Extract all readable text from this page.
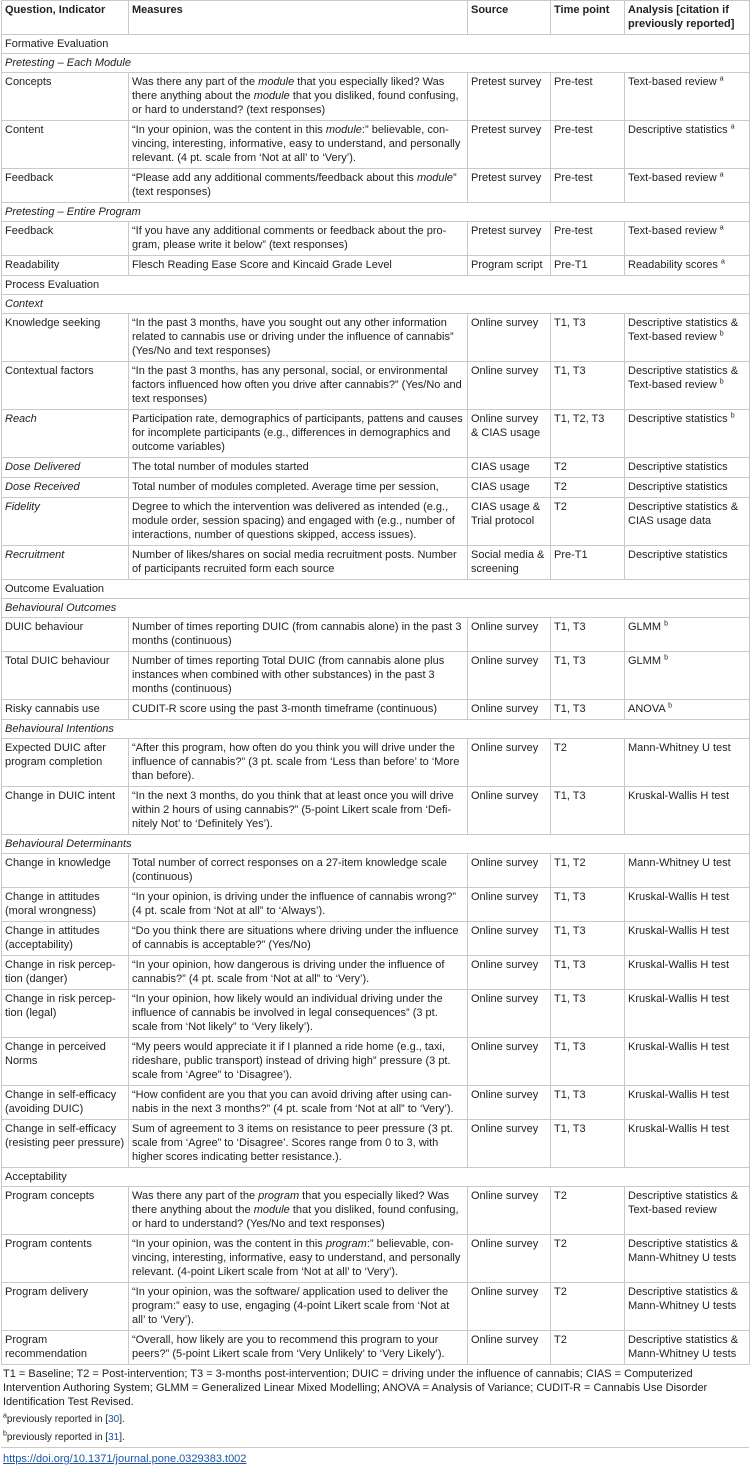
Question, Indicator	Measures	Source	Time point	Analysis [citation if previously reported]
Formative Evaluation				
Pretesting – Each Module				
Concepts	Was there any part of the module that you especially liked? Was there anything about the module that you disliked, found confusing, or hard to understand? (text responses)	Pretest survey	Pre-test	Text-based review $^a$
Content	“In your opinion, was the content in this module:” believable, convincing, interesting, informative, easy to understand, and personally relevant. (4 pt. scale from ‘Not at all’ to ‘Very’).	Pretest survey	Pre-test	Descriptive statistics $^a$
Feedback	“Please add any additional comments/feedback about this module” (text responses)	Pretest survey	Pre-test	Text-based review $^a$
Pretesting – Entire Program				
Feedback	“If you have any additional comments or feedback about the program, please write it below” (text responses)	Pretest survey	Pre-test	Text-based review $^a$
Readability	Flesch Reading Ease Score and Kincaid Grade Level	Program script	Pre-T1	Readability scores $^a$
Process Evaluation				
Context				
Knowledge seeking	“In the past 3 months, have you sought out any other information related to cannabis use or driving under the influence of cannabis” (Yes/No and text responses)	Online survey	T1, T3	Descriptive statistics & Text-based review $^b$
Contextual factors	“In the past 3 months, has any personal, social, or environmental factors influenced how often you drive after cannabis?” (Yes/No and text responses)	Online survey	T1, T3	Descriptive statistics & Text-based review $^b$
Reach	Participation rate, demographics of participants, pattens and causes for incomplete participants (e.g., differences in demographics and outcome variables)	Online survey & CIAS usage	T1, T2, T3	Descriptive statistics $^b$
Dose Delivered	The total number of modules started	CIAS usage	T2	Descriptive statistics
Dose Received	Total number of modules completed. Average time per session,	CIAS usage	T2	Descriptive statistics
Fidelity	Degree to which the intervention was delivered as intended (e.g., module order, session spacing) and engaged with (e.g., number of interactions, number of questions skipped, access issues).	CIAS usage & Trial protocol	T2	Descriptive statistics & CIAS usage data
Recruitment	Number of likes/shares on social media recruitment posts. Number of participants recruited form each source	Social media & screening	Pre-T1	Descriptive statistics
Outcome Evaluation				
Behavioural Outcomes				
DUIC behaviour	Number of times reporting DUIC (from cannabis alone) in the past 3 months (continuous)	Online survey	T1, T3	GLMM $^b$
Total DUIC behaviour	Number of times reporting Total DUIC (from cannabis alone plus instances when combined with other substances) in the past 3 months (continuous)	Online survey	T1, T3	GLMM $^b$
Risky cannabis use	CUDIT-R score using the past 3-month timeframe (continuous)	Online survey	T1, T3	ANOVA $^b$
Behavioural Intentions				
Expected DUIC after program completion	“After this program, how often do you think you will drive under the influence of cannabis?” (3 pt. scale from ‘Less than before’ to ‘More than before).	Online survey	T2	Mann-Whitney U test
Change in DUIC intent	“In the next 3 months, do you think that at least once you will drive within 2 hours of using cannabis?” (5-point Likert scale from ‘Definitely Not’ to ‘Definitely Yes’).	Online survey	T1, T3	Kruskal-Wallis H test
Behavioural Determinants				
Change in knowledge	Total number of correct responses on a 27-item knowledge scale (continuous)	Online survey	T1, T2	Mann-Whitney U test
Change in attitudes (moral wrongness)	“In your opinion, is driving under the influence of cannabis wrong?” (4 pt. scale from ‘Not at all” to ‘Always’).	Online survey	T1, T3	Kruskal-Wallis H test
Change in attitudes (acceptability)	“Do you think there are situations where driving under the influence of cannabis is acceptable?” (Yes/No)	Online survey	T1, T3	Kruskal-Wallis H test
Change in risk perception (danger)	“In your opinion, how dangerous is driving under the influence of cannabis?” (4 pt. scale from ‘Not at all” to ‘Very’).	Online survey	T1, T3	Kruskal-Wallis H test
Change in risk perception (legal)	“In your opinion, how likely would an individual driving under the influence of cannabis be involved in legal consequences” (3 pt. scale from ‘Not likely” to ‘Very likely’).	Online survey	T1, T3	Kruskal-Wallis H test
Change in perceived Norms	“My peers would appreciate it if I planned a ride home (e.g., taxi, rideshare, public transport) instead of driving high” pressure (3 pt. scale from ‘Agree” to ‘Disagree’).	Online survey	T1, T3	Kruskal-Wallis H test
Change in self-efficacy (avoiding DUIC)	“How confident are you that you can avoid driving after using cannabis in the next 3 months?” (4 pt. scale from ‘Not at all” to ‘Very’).	Online survey	T1, T3	Kruskal-Wallis H test
Change in self-efficacy (resisting peer pressure)	Sum of agreement to 3 items on resistance to peer pressure (3 pt. scale from ‘Agree” to ‘Disagree’. Scores range from 0 to 3, with higher scores indicating better resistance.).	Online survey	T1, T3	Kruskal-Wallis H test
Acceptability				
Program concepts	Was there any part of the program that you especially liked? Was there anything about the module that you disliked, found confusing, or hard to understand? (Yes/No and text responses)	Online survey	T2	Descriptive statistics & Text-based review
Program contents	“In your opinion, was the content in this program:” believable, convincing, interesting, informative, easy to understand, and personally relevant. (4-point Likert scale from ‘Not at all’ to ‘Very’).	Online survey	T2	Descriptive statistics & Mann-Whitney U tests
Program delivery	“In your opinion, was the software/ application used to deliver the program:” easy to use, engaging (4-point Likert scale from ‘Not at all’ to ‘Very’).	Online survey	T2	Descriptive statistics & Mann-Whitney U tests
Program recommendation	“Overall, how likely are you to recommend this program to your peers?” (5-point Likert scale from ‘Very Unlikely’ to ‘Very Likely’).	Online survey	T2	Descriptive statistics & Mann-Whitney U tests
T1 = Baseline; T2 = Post-intervention; T3 = 3-months post-intervention; DUIC = driving under the influence of cannabis; CIAS = Computerized Intervention Authoring System; GLMM = Generalized Linear Mixed Modelling; ANOVA = Analysis of Variance; CUDIT-R = Cannabis Use Disorder Identification Test Revised.
$^a$previously reported in [30].
$^b$previously reported in [31].
https://doi.org/10.1371/journal.pone.0329383.t002
